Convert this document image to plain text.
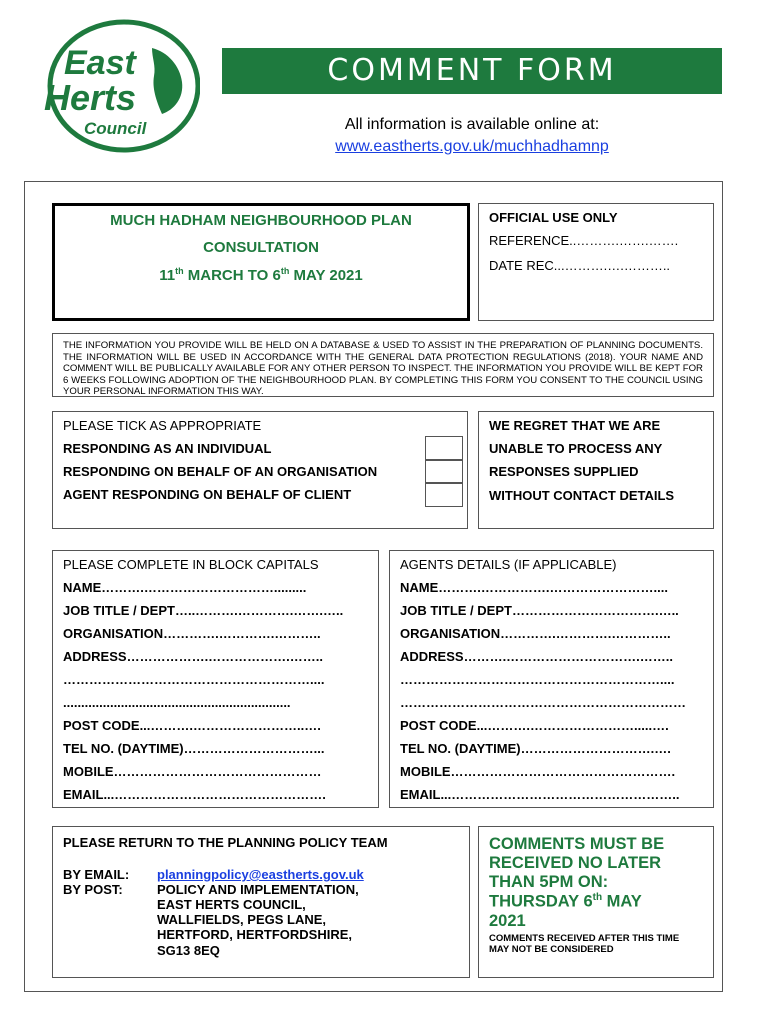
East
Herts
Council
COMMENT FORM
All information is available online at:
www.eastherts.gov.uk/muchhadhamnp
MUCH HADHAM NEIGHBOURHOOD PLAN
CONSULTATION
11th MARCH TO 6th MAY 2021
OFFICIAL USE ONLY
REFERENCE..……….…….…….
DATE REC...……….….………..
THE INFORMATION YOU PROVIDE WILL BE HELD ON A DATABASE & USED TO ASSIST IN THE PREPARATION OF PLANNING DOCUMENTS. THE INFORMATION WILL BE USED IN ACCORDANCE WITH THE GENERAL DATA PROTECTION REGULATIONS (2018). YOUR NAME AND COMMENT WILL BE PUBLICALLY AVAILABLE FOR ANY OTHER PERSON TO INSPECT. THE INFORMATION YOU PROVIDE WILL BE KEPT FOR 6 WEEKS FOLLOWING ADOPTION OF THE NEIGHBOURHOOD PLAN. BY COMPLETING THIS FORM YOU CONSENT TO THE COUNCIL USING YOUR PERSONAL INFORMATION THIS WAY.
PLEASE TICK AS APPROPRIATE
RESPONDING AS AN INDIVIDUAL
RESPONDING ON BEHALF OF AN ORGANISATION
AGENT RESPONDING ON BEHALF OF CLIENT
WE REGRET THAT WE ARE
UNABLE TO PROCESS ANY
RESPONSES SUPPLIED
WITHOUT CONTACT DETAILS
PLEASE COMPLETE IN BLOCK CAPITALS
NAME……….………………………….........
JOB TITLE / DEPT…..……….………….…….…..
ORGANISATION………….………….………..
ADDRESS……………….……………….……..
…………………………………………………....
...............................................................
POST CODE...……….……………………..….
TEL NO. (DAYTIME)…………………………...
MOBILE…………………………………………
EMAIL...………………………………………….
AGENTS DETAILS (IF APPLICABLE)
NAME……….…………….……………………....
JOB TITLE / DEPT…………………………….…..
ORGANISATION………….………….…………..
ADDRESS……….………………………….……..
……………………………………………………....
…………………………………………………………
POST CODE...……….…………………….....….
TEL NO. (DAYTIME)………………………….….
MOBILE…………………………………………….
EMAIL...……………………………………………..
PLEASE RETURN TO THE PLANNING POLICY TEAM
BY EMAIL: planningpolicy@eastherts.gov.uk
BY POST:	POLICY AND IMPLEMENTATION,
EAST HERTS COUNCIL,
WALLFIELDS, PEGS LANE,
HERTFORD, HERTFORDSHIRE,
SG13 8EQ
COMMENTS MUST BE
RECEIVED NO LATER
THAN 5PM ON:
THURSDAY 6th MAY
2021
COMMENTS RECEIVED AFTER THIS TIME
MAY NOT BE CONSIDERED
